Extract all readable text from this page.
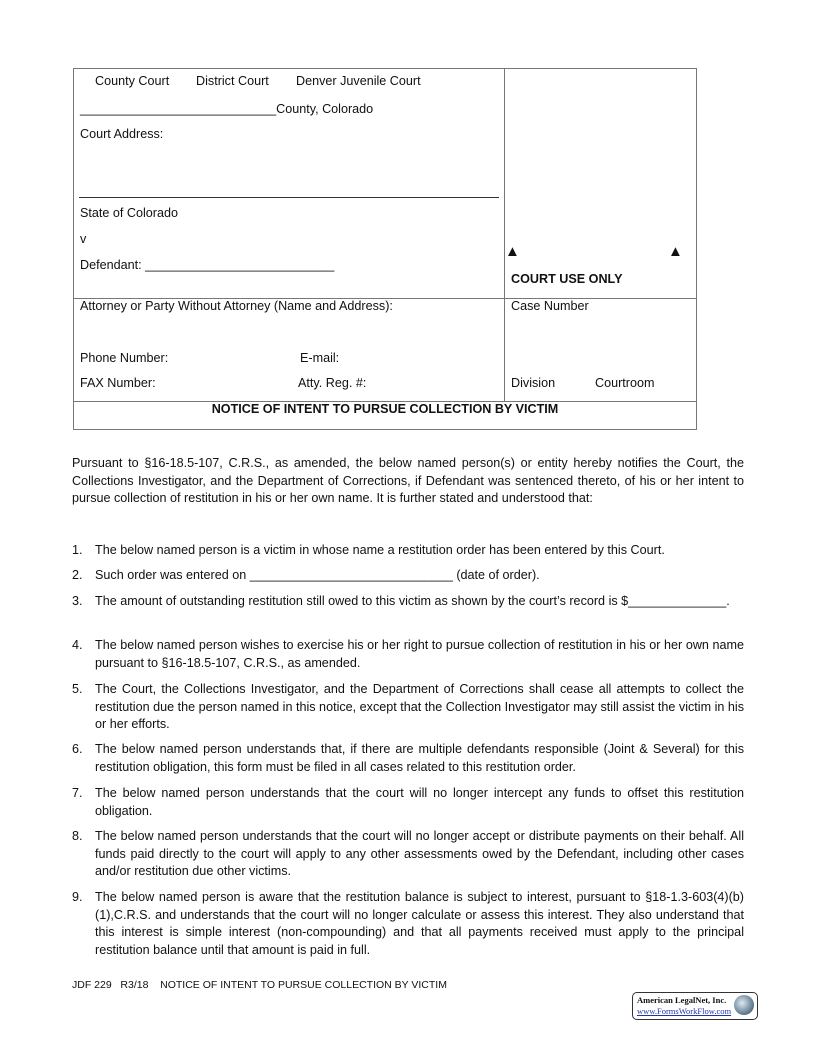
County Court District Court Denver Juvenile Court
____________________________County, Colorado
Court Address:
State of Colorado
v
Defendant: ___________________________
▲	▲
COURT USE ONLY
Attorney or Party Without Attorney (Name and Address):
Phone Number:	E-mail:
FAX Number:	Atty. Reg. #:
Case Number
Division	Courtroom
NOTICE OF INTENT TO PURSUE COLLECTION BY VICTIM
Pursuant to §16-18.5-107, C.R.S., as amended, the below named person(s) or entity hereby notifies the Court, the Collections Investigator, and the Department of Corrections, if Defendant was sentenced thereto, of his or her intent to pursue collection of restitution in his or her own name. It is further stated and understood that:
1. The below named person is a victim in whose name a restitution order has been entered by this Court.
2. Such order was entered on _____________________________ (date of order).
3. The amount of outstanding restitution still owed to this victim as shown by the court’s record is $______________.
4. The below named person wishes to exercise his or her right to pursue collection of restitution in his or her own name pursuant to §16-18.5-107, C.R.S., as amended.
5. The Court, the Collections Investigator, and the Department of Corrections shall cease all attempts to collect the restitution due the person named in this notice, except that the Collection Investigator may still assist the victim in his or her efforts.
6. The below named person understands that, if there are multiple defendants responsible (Joint & Several) for this restitution obligation, this form must be filed in all cases related to this restitution order.
7. The below named person understands that the court will no longer intercept any funds to offset this restitution obligation.
8. The below named person understands that the court will no longer accept or distribute payments on their behalf. All funds paid directly to the court will apply to any other assessments owed by the Defendant, including other cases and/or restitution due other victims.
9. The below named person is aware that the restitution balance is subject to interest, pursuant to §18-1.3-603(4)(b)(1),C.R.S. and understands that the court will no longer calculate or assess this interest. They also understand that this interest is simple interest (non-compounding) and that all payments received must apply to the principal restitution balance until that amount is paid in full.
JDF 229   R3/18    NOTICE OF INTENT TO PURSUE COLLECTION BY VICTIM
American LegalNet, Inc.
www.FormsWorkFlow.com
